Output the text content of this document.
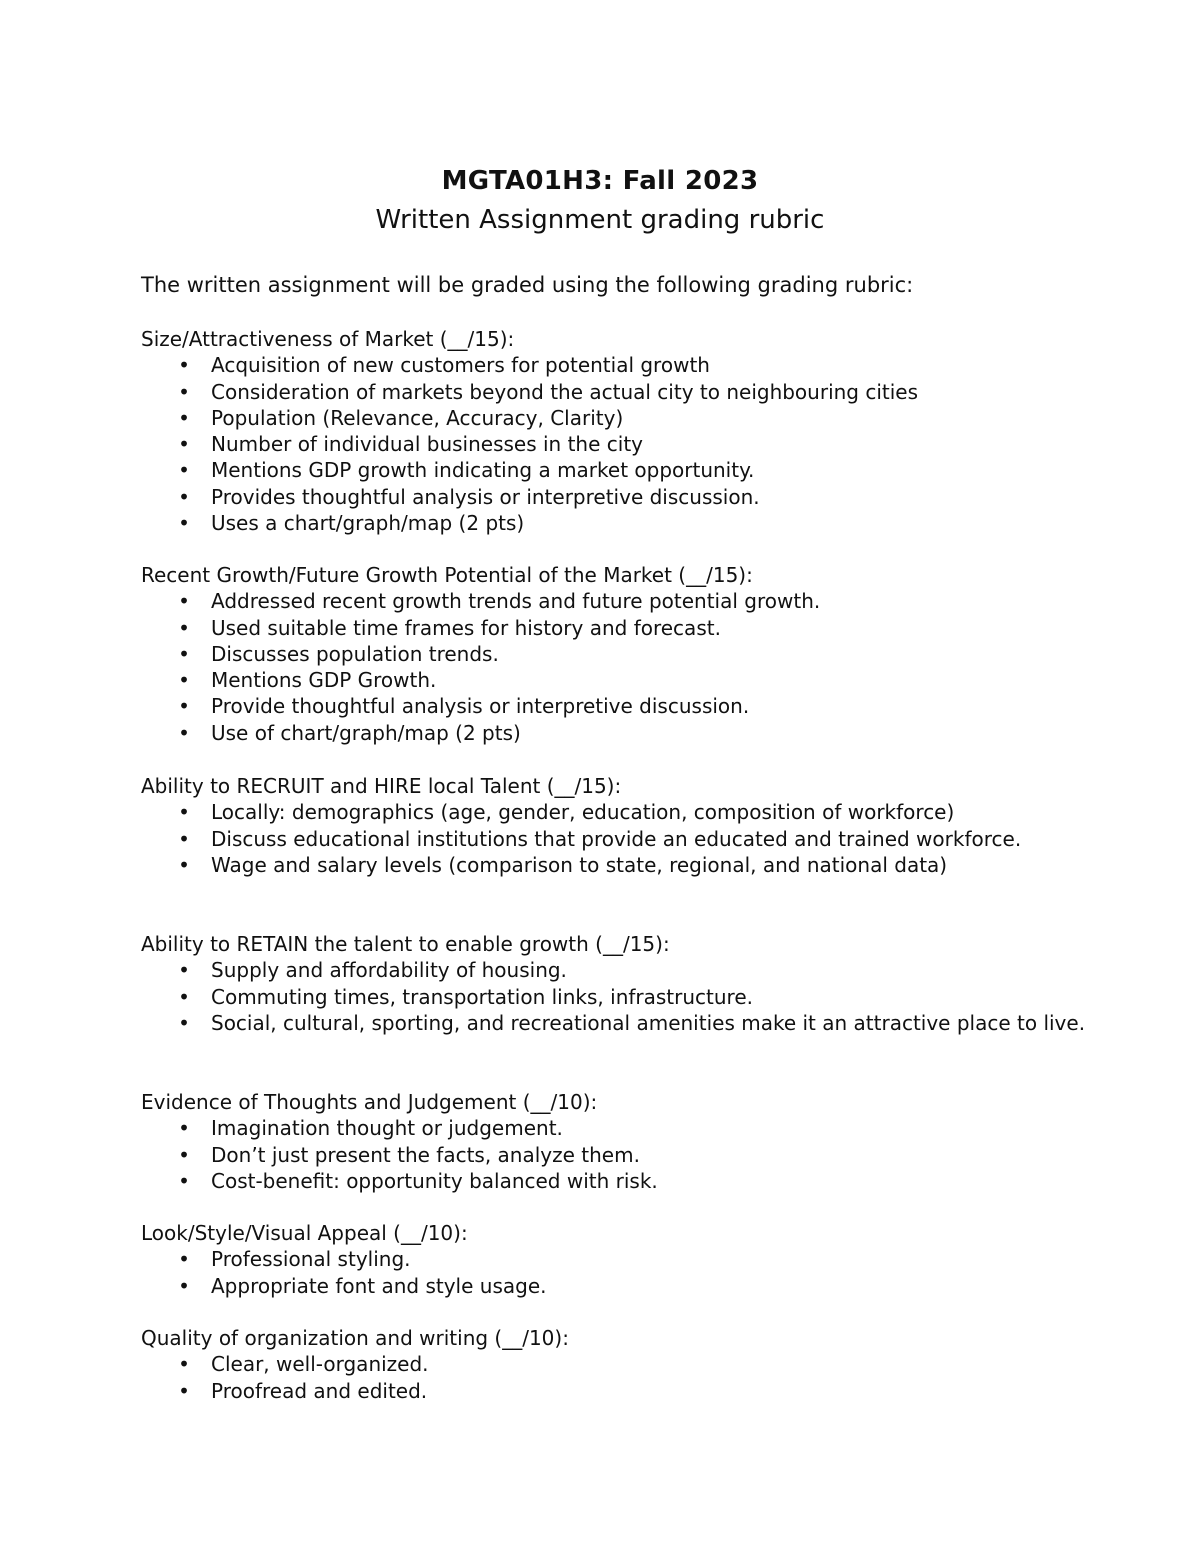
MGTA01H3: Fall 2023
Written Assignment grading rubric
The written assignment will be graded using the following grading rubric:

Size/Attractiveness of Market (__/15):

• Acquisition of new customers for potential growth
• Consideration of markets beyond the actual city to neighbouring cities
• Population (Relevance, Accuracy, Clarity)
• Number of individual businesses in the city
• Mentions GDP growth indicating a market opportunity.
• Provides thoughtful analysis or interpretive discussion.
• Uses a chart/graph/map (2 pts)

Recent Growth/Future Growth Potential of the Market (__/15):

• Addressed recent growth trends and future potential growth.
• Used suitable time frames for history and forecast.
• Discusses population trends.
• Mentions GDP Growth.
• Provide thoughtful analysis or interpretive discussion.
• Use of chart/graph/map (2 pts)

Ability to RECRUIT and HIRE local Talent (__/15):

• Locally: demographics (age, gender, education, composition of workforce)
• Discuss educational institutions that provide an educated and trained workforce.
• Wage and salary levels (comparison to state, regional, and national data)

Ability to RETAIN the talent to enable growth (__/15):

• Supply and affordability of housing.
• Commuting times, transportation links, infrastructure.
• Social, cultural, sporting, and recreational amenities make it an attractive place to live.

Evidence of Thoughts and Judgement (__/10):

• Imagination thought or judgement.
• Don’t just present the facts, analyze them.
• Cost-benefit: opportunity balanced with risk.

Look/Style/Visual Appeal (__/10):

• Professional styling.
• Appropriate font and style usage.

Quality of organization and writing (__/10):

• Clear, well-organized.
• Proofread and edited.
